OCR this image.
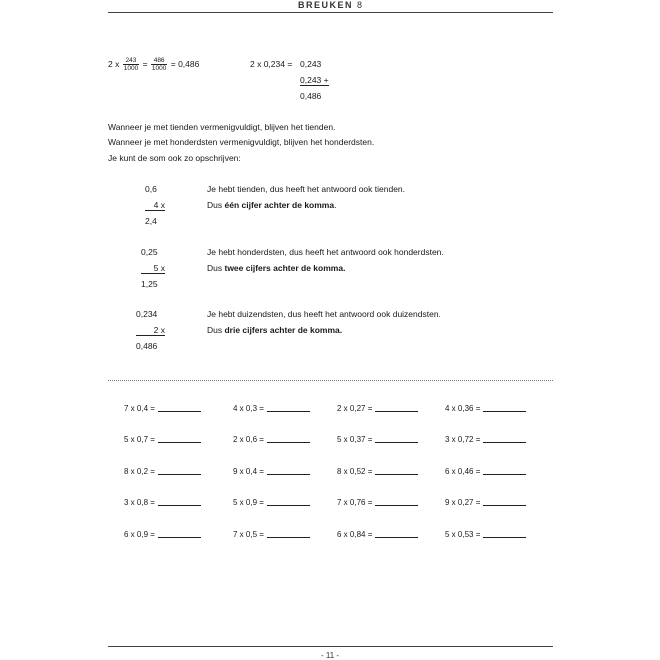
BREUKEN 8
2 x $\frac{243}{1000} = \frac{486}{1000} = 0,486$	2 x 0,234 = 0,243
0,243 +
0,486
Wanneer je met tienden vermenigvuldigt, blijven het tienden.
Wanneer je met honderdsten vermenigvuldigt, blijven het honderdsten.
Je kunt de som ook zo opschrijven:
0,6
4 x
2,4
Je hebt tienden, dus heeft het antwoord ook tienden.
Dus één cijfer achter de komma.
0,25
5 x
1,25
Je hebt honderdsten, dus heeft het antwoord ook honderdsten.
Dus twee cijfers achter de komma.
0,234
2 x
0,486
Je hebt duizendsten, dus heeft het antwoord ook duizendsten.
Dus drie cijfers achter de komma.
7 x 0,4 =	4 x 0,3 =	2 x 0,27 =	4 x 0,36 =
5 x 0,7 =	2 x 0,6 =	5 x 0,37 =	3 x 0,72 =
8 x 0,2 =	9 x 0,4 =	8 x 0,52 =	6 x 0,46 =
3 x 0,8 =	5 x 0,9 =	7 x 0,76 =	9 x 0,27 =
6 x 0,9 =	7 x 0,5 =	6 x 0,84 =	5 x 0,53 =
- 11 -
